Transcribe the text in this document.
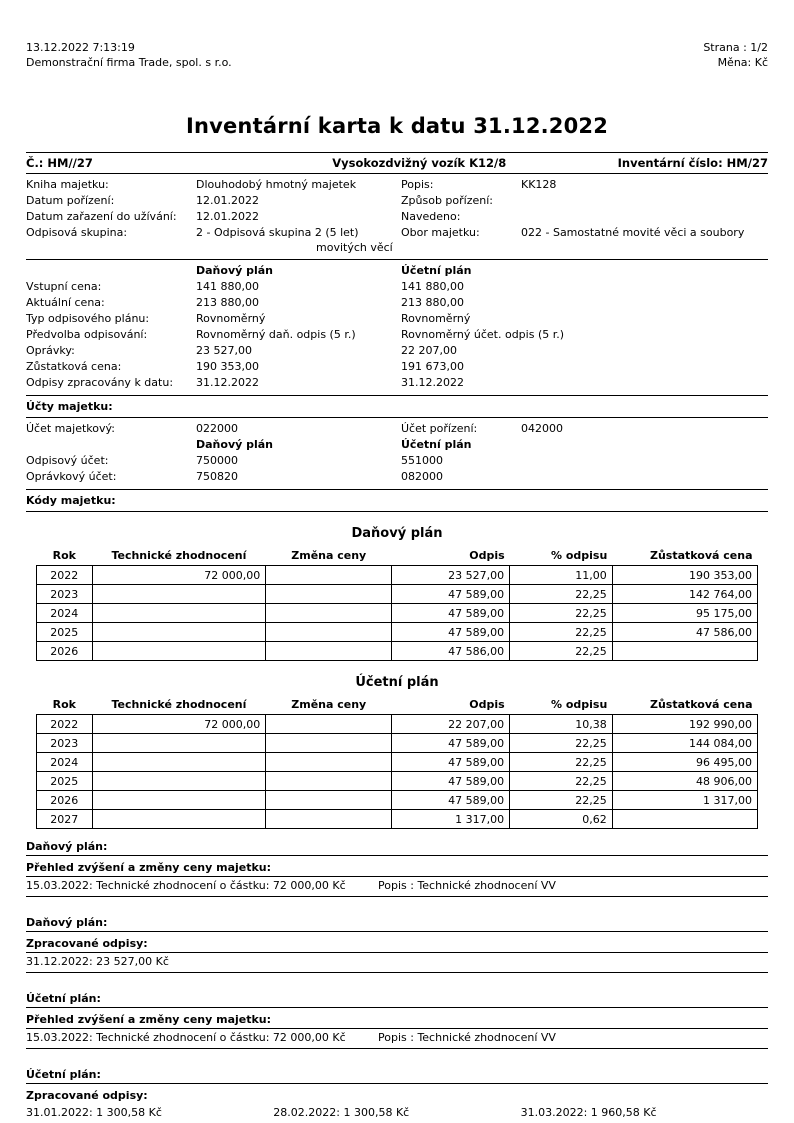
13.12.2022 7:13:19
Demonstrační firma Trade, spol. s r.o.
Strana : 1/2
Měna: Kč
Inventární karta k datu 31.12.2022
Č.: HM//27	Vysokozdvižný vozík K12/8	Inventární číslo: HM/27
Kniha majetku:	Dlouhodobý hmotný majetek	Popis:	KK128
Datum pořízení:	12.01.2022	Způsob pořízení:
Datum zařazení do užívání:	12.01.2022	Navedeno:
Odpisová skupina:	2 - Odpisová skupina 2 (5 let)	Obor majetku:	022 - Samostatné movité věci a soubory
movitých věcí
Daňový plán	Účetní plán
Vstupní cena:	141 880,00	141 880,00
Aktuální cena:	213 880,00	213 880,00
Typ odpisového plánu:	Rovnoměrný	Rovnoměrný
Předvolba odpisování:	Rovnoměrný daň. odpis (5 r.)	Rovnoměrný účet. odpis (5 r.)
Oprávky:	23 527,00	22 207,00
Zůstatková cena:	190 353,00	191 673,00
Odpisy zpracovány k datu:	31.12.2022	31.12.2022
Účty majetku:
Účet majetkový:	022000	Účet pořízení:	042000
Daňový plán	Účetní plán
Odpisový účet:	750000	551000
Oprávkový účet:	750820	082000
Kódy majetku:
Daňový plán
Rok	Technické zhodnocení	Změna ceny	Odpis	% odpisu	Zůstatková cena
2022	72 000,00		23 527,00	11,00	190 353,00
2023			47 589,00	22,25	142 764,00
2024			47 589,00	22,25	95 175,00
2025			47 589,00	22,25	47 586,00
2026			47 586,00	22,25	
Účetní plán
Rok	Technické zhodnocení	Změna ceny	Odpis	% odpisu	Zůstatková cena
2022	72 000,00		22 207,00	10,38	192 990,00
2023			47 589,00	22,25	144 084,00
2024			47 589,00	22,25	96 495,00
2025			47 589,00	22,25	48 906,00
2026			47 589,00	22,25	1 317,00
2027			1 317,00	0,62	
Daňový plán:
Přehled zvýšení a změny ceny majetku:
15.03.2022: Technické zhodnocení o částku: 72 000,00 Kč	Popis : Technické zhodnocení VV
Daňový plán:
Zpracované odpisy:
31.12.2022: 23 527,00 Kč
Účetní plán:
Přehled zvýšení a změny ceny majetku:
15.03.2022: Technické zhodnocení o částku: 72 000,00 Kč	Popis : Technické zhodnocení VV
Účetní plán:
Zpracované odpisy:
31.01.2022: 1 300,58 Kč	28.02.2022: 1 300,58 Kč	31.03.2022: 1 960,58 Kč
